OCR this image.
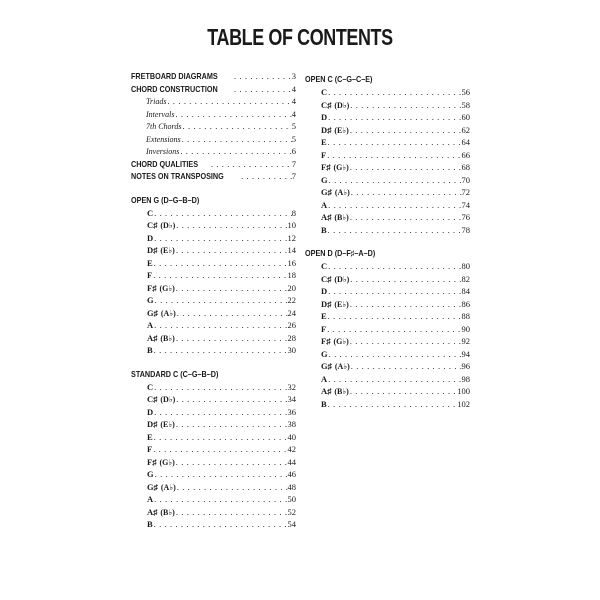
TABLE OF CONTENTS
FRETBOARD DIAGRAMS . . .	3
CHORD CONSTRUCTION . . .	4
Triads . . .	4
Intervals . . .	4
7th Chords . . .	5
Extensions . . .	5
Inversions . . .	6
CHORD QUALITIES . . .	7
NOTES ON TRANSPOSING . . .	7
OPEN G (D–G–B–D)
C . . .	8
C♯ (D♭) . . .	10
D . . .	12
D♯ (E♭) . . .	14
E . . .	16
F . . .	18
F♯ (G♭) . . .	20
G . . .	22
G♯ (A♭) . . .	24
A . . .	26
A♯ (B♭) . . .	28
B . . .	30
STANDARD C (C–G–B–D)
C . . .	32
C♯ (D♭) . . .	34
D . . .	36
D♯ (E♭) . . .	38
E . . .	40
F . . .	42
F♯ (G♭) . . .	44
G . . .	46
G♯ (A♭) . . .	48
A . . .	50
A♯ (B♭) . . .	52
B . . .	54
OPEN C (C–G–C–E)
C . . .	56
C♯ (D♭) . . .	58
D . . .	60
D♯ (E♭) . . .	62
E . . .	64
F . . .	66
F♯ (G♭) . . .	68
G . . .	70
G♯ (A♭) . . .	72
A . . .	74
A♯ (B♭) . . .	76
B . . .	78
OPEN D (D–F♯–A–D)
C . . .	80
C♯ (D♭) . . .	82
D . . .	84
D♯ (E♭) . . .	86
E . . .	88
F . . .	90
F♯ (G♭) . . .	92
G . . .	94
G♯ (A♭) . . .	96
A . . .	98
A♯ (B♭) . . .	100
B . . .	102
